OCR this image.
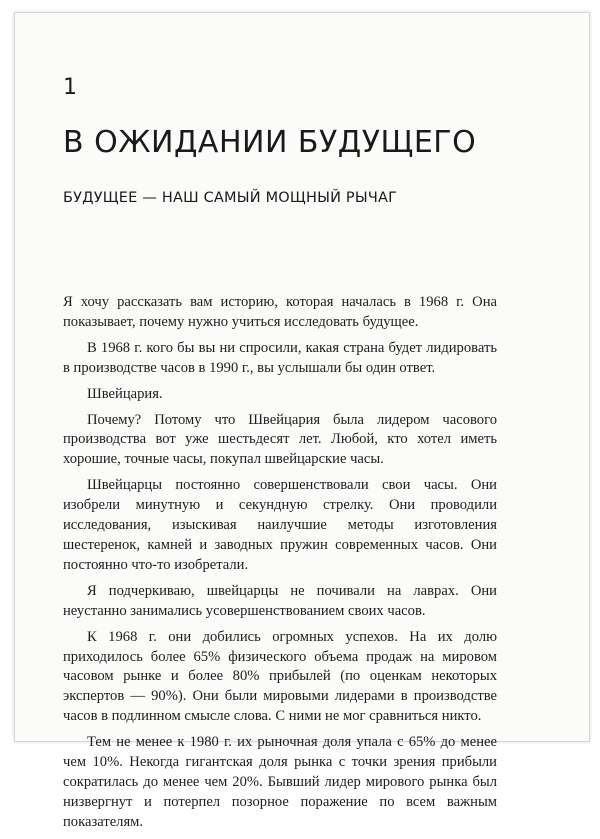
1
В ОЖИДАНИИ БУДУЩЕГО
БУДУЩЕЕ — НАШ САМЫЙ МОЩНЫЙ РЫЧАГ

Я хочу рассказать вам историю, которая началась в 1968 г. Она показывает, почему нужно учиться исследовать будущее.

В 1968 г. кого бы вы ни спросили, какая страна будет лидировать в производстве часов в 1990 г., вы услышали бы один ответ.

Швейцария.

Почему? Потому что Швейцария была лидером часового производства вот уже шестьдесят лет. Любой, кто хотел иметь хорошие, точные часы, покупал швейцарские часы.

Швейцарцы постоянно совершенствовали свои часы. Они изобрели минутную и секундную стрелку. Они проводили исследования, изыскивая наилучшие методы изготовления шестеренок, камней и заводных пружин современных часов. Они постоянно что-то изобретали.

Я подчеркиваю, швейцарцы не почивали на лаврах. Они неустанно занимались усовершенствованием своих часов.

К 1968 г. они добились огромных успехов. На их долю приходилось более 65% физического объема продаж на мировом часовом рынке и более 80% прибылей (по оценкам некоторых экспертов — 90%). Они были мировыми лидерами в производстве часов в подлинном смысле слова. С ними не мог сравниться никто.

Тем не менее к 1980 г. их рыночная доля упала с 65% до менее чем 10%. Некогда гигантская доля рынка с точки зрения прибыли сократилась до менее чем 20%. Бывший лидер мирового рынка был низвергнут и потерпел позорное поражение по всем важным показателям.
